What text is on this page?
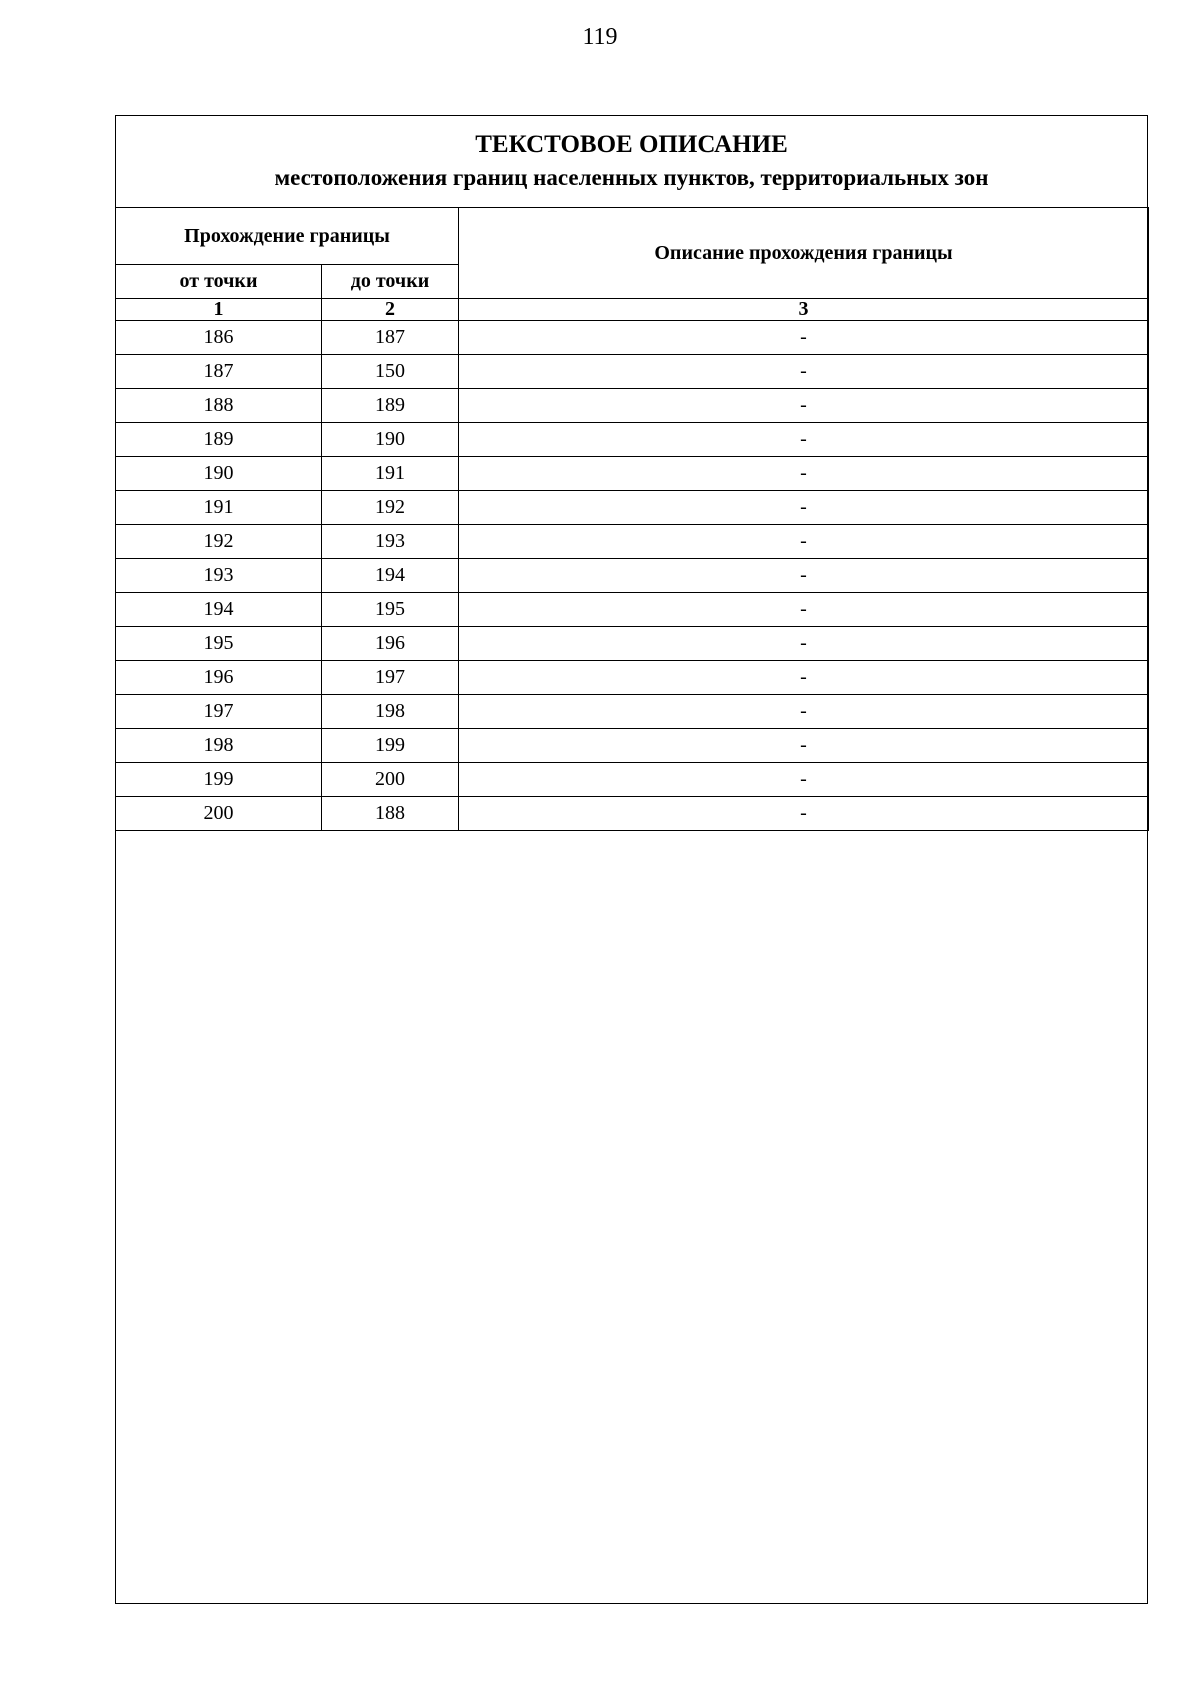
119
ТЕКСТОВОЕ ОПИСАНИЕ
местоположения границ населенных пунктов, территориальных зон
Прохождение границы		Описание прохождения границы
от точки	до точки	
1	2	3
186	187	-
187	150	-
188	189	-
189	190	-
190	191	-
191	192	-
192	193	-
193	194	-
194	195	-
195	196	-
196	197	-
197	198	-
198	199	-
199	200	-
200	188	-
